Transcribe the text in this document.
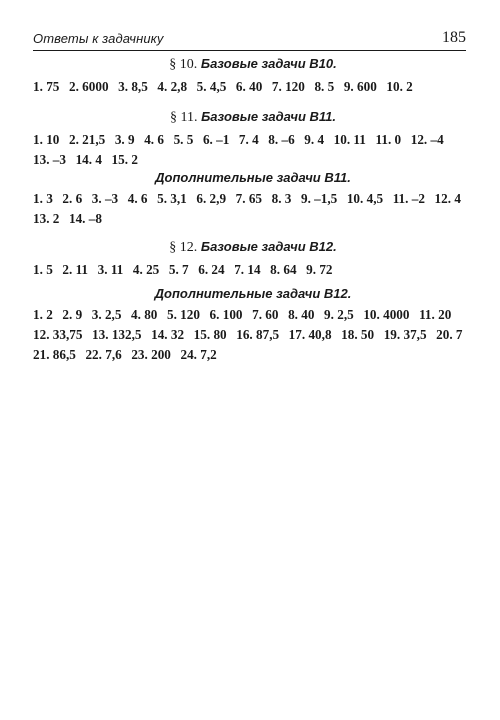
Ответы к задачнику	185

§ 10. Базовые задачи B10.

1. 75 2. 6000 3. 8,5 4. 2,8 5. 4,5 6. 40 7. 120 8. 5 9. 600 10. 2

§ 11. Базовые задачи B11.

1. 10 2. 21,5 3. 9 4. 6 5. 5 6. –1 7. 4 8. –6 9. 4 10. 11 11. 0 12. –4 13. –3 14. 4 15. 2

Дополнительные задачи B11.

1. 3 2. 6 3. –3 4. 6 5. 3,1 6. 2,9 7. 65 8. 3 9. –1,5 10. 4,5 11. –2 12. 4 13. 2 14. –8

§ 12. Базовые задачи B12.

1. 5 2. 11 3. 11 4. 25 5. 7 6. 24 7. 14 8. 64 9. 72

Дополнительные задачи B12.

1. 2 2. 9 3. 2,5 4. 80 5. 120 6. 100 7. 60 8. 40 9. 2,5 10. 4000 11. 20 12. 33,75 13. 132,5 14. 32 15. 80 16. 87,5 17. 40,8 18. 50 19. 37,5 20. 7 21. 86,5 22. 7,6 23. 200 24. 7,2
